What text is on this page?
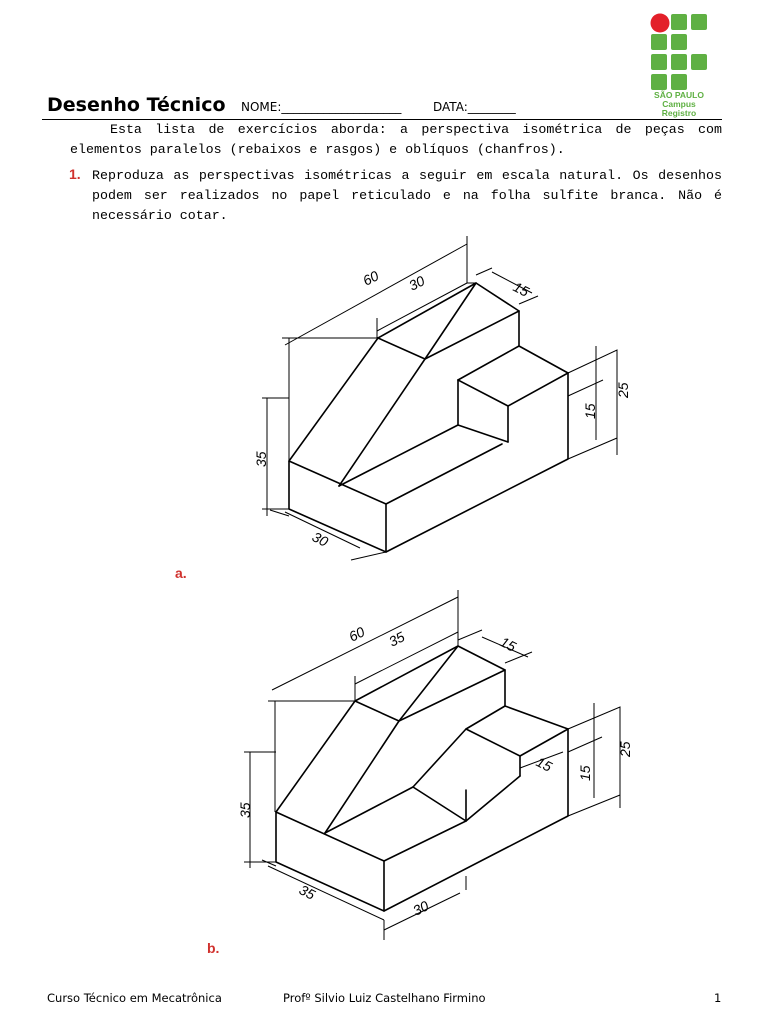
Desenho Técnico NOME:____________________	DATA:________
SÃO PAULO
Campus Registro
Esta lista de exercícios aborda: a perspectiva isométrica de peças com elementos paralelos (rebaixos e rasgos) e oblíquos (chanfros).
1. Reproduza as perspectivas isométricas a seguir em escala natural. Os desenhos podem ser realizados no papel reticulado e na folha sulfite branca. Não é necessário cotar.
60 30	15
25
15
35
30
a.
60 35	15
15
25
15
35
35
30
b.
Curso Técnico em Mecatrônica	Profº Silvio Luiz Castelhano Firmino	1
